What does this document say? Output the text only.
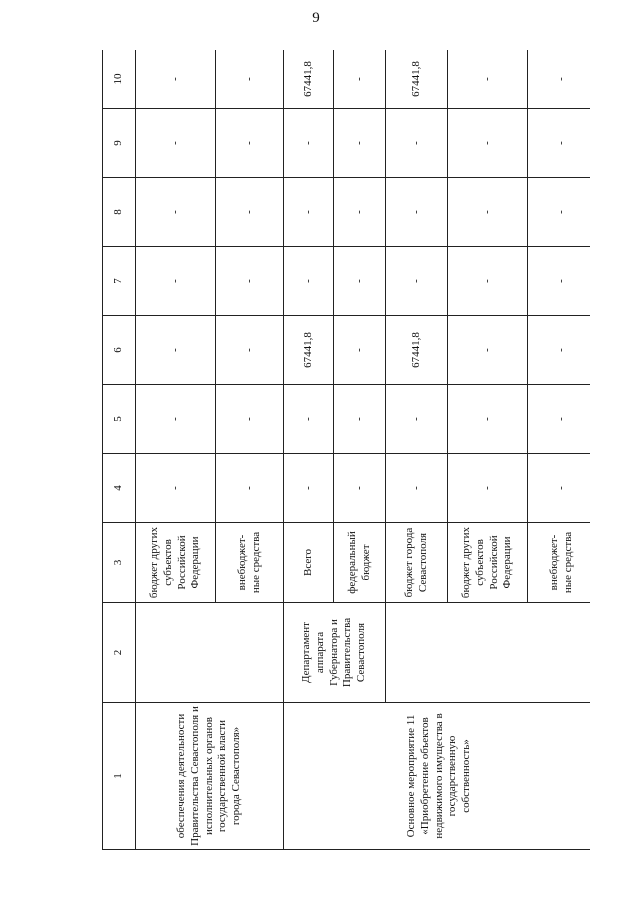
9
1	2	3	4	5	6	7	8	9	10
обеспечения деятельности Правительства Севастополя и исполнительных органов государственной власти города Севастополя»		бюджет других субъектов Российской Федерации	-	-	-	-	-	-	-
		внебюджет-ные средства	-	-	-	-	-	-	-
Основное мероприятие 11 «Приобретение объектов недвижимого имущества в государственную собственность»	Департамент аппарата Губернатора и Правительства Севастополя	Всего	-	-	67441,8	-	-	-	67441,8
		федеральный бюджет	-	-	-	-	-	-	-
		бюджет города Севастополя	-	-	67441,8	-	-	-	67441,8
		бюджет других субъектов Российской Федерации	-	-	-	-	-	-	-
		внебюджет-ные средства	-	-	-	-	-	-	-
